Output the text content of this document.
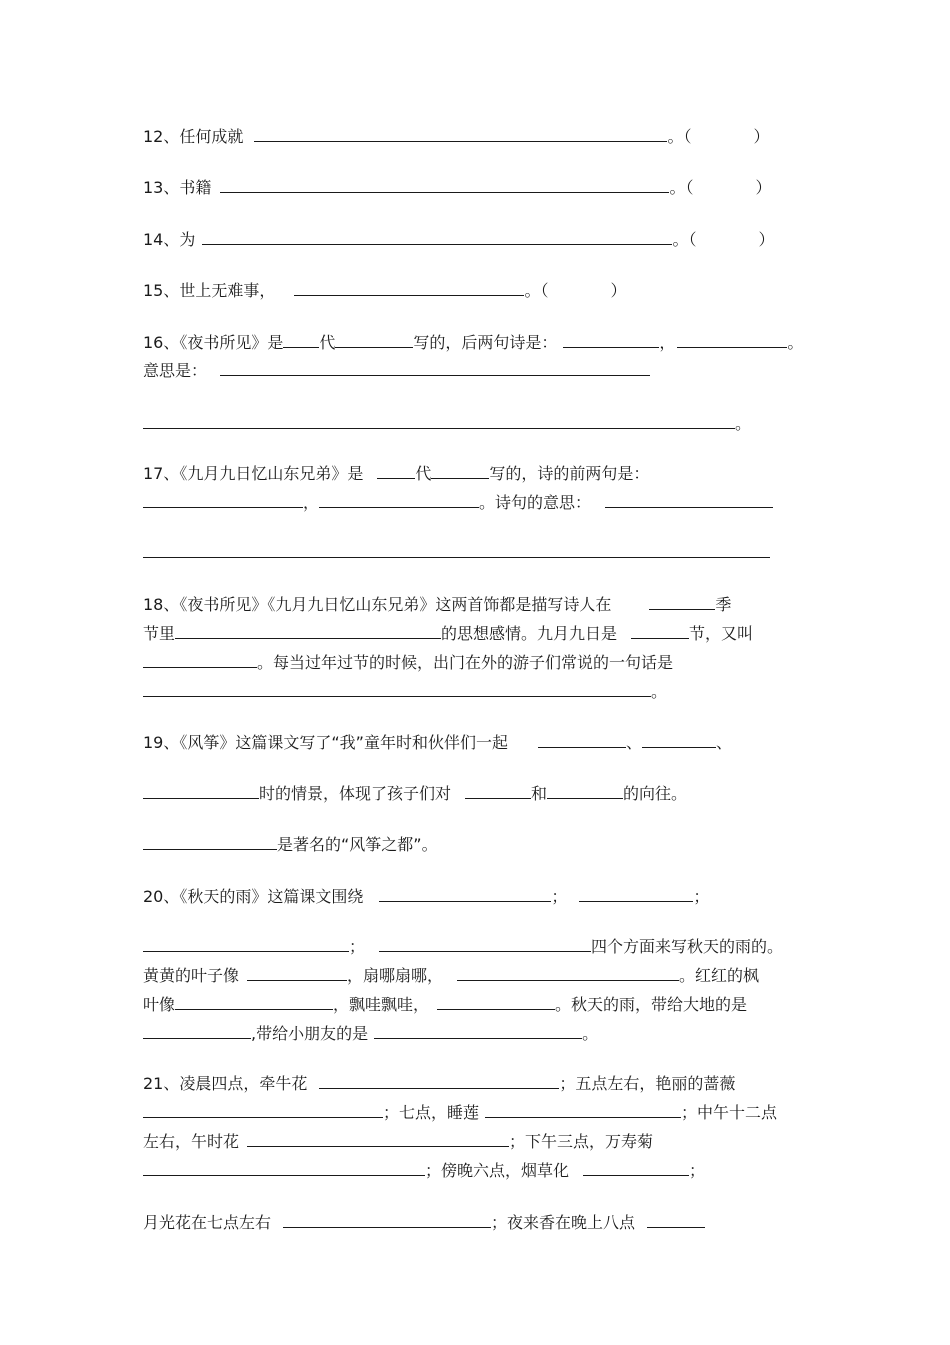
12、任何成就	。（	）
13、书籍	。（	）
14、为	。（	）
15、世上无难事，	。（	）
16、《夜书所见》是 代	写的，后两句诗是：	，	。
意思是：
。
17、《九月九日忆山东兄弟》是	代	写的，诗的前两句是：
，	。诗句的意思：
18、《夜书所见》《九月九日忆山东兄弟》这两首饰都是描写诗人在	季
节里	的思想感情。九月九日是	节，又叫
。每当过年过节的时候，出门在外的游子们常说的一句话是
。
19、《风筝》这篇课文写了“我”童年时和伙伴们一起	、	、
时的情景，体现了孩子们对	和	的向往。
是著名的“风筝之都”。
20、《秋天的雨》这篇课文围绕	；	；
；	四个方面来写秋天的雨的。
黄黄的叶子像	，扇哪扇哪，	。红红的枫
叶像	，飘哇飘哇，	。秋天的雨，带给大地的是
,带给小朋友的是	。
21、凌晨四点，牵牛花	；五点左右，艳丽的蔷薇
；七点，睡莲	；中午十二点
左右，午时花	；下午三点，万寿菊
；傍晚六点，烟草化	；
月光花在七点左右	；夜来香在晚上八点
